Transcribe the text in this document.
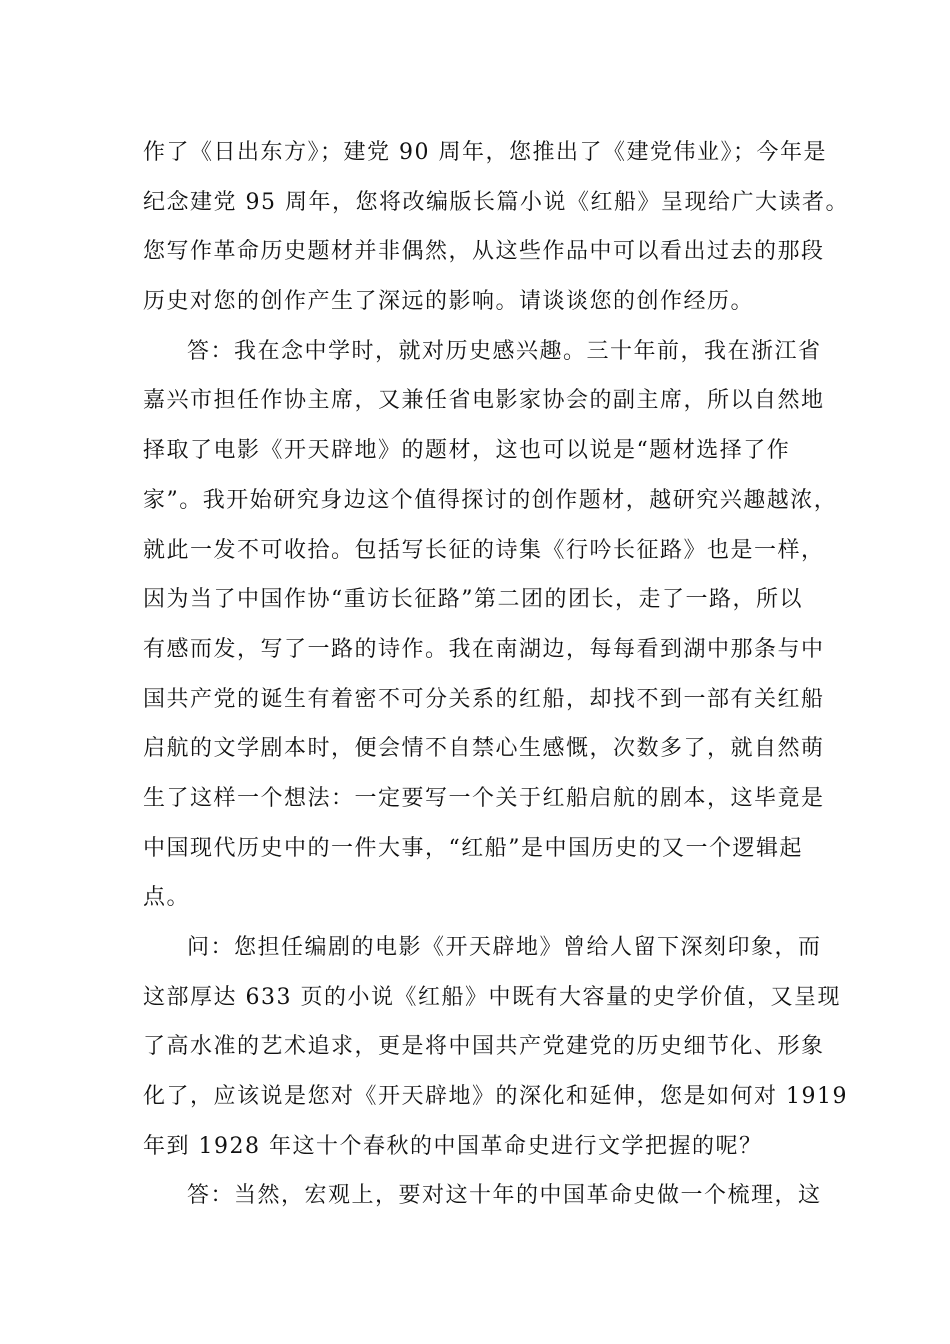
作了《日出东方》；建党 90 周年，您推出了《建党伟业》；今年是
纪念建党 95 周年，您将改编版长篇小说《红船》呈现给广大读者。
您写作革命历史题材并非偶然，从这些作品中可以看出过去的那段
历史对您的创作产生了深远的影响。请谈谈您的创作经历。
答：我在念中学时，就对历史感兴趣。三十年前，我在浙江省
嘉兴市担任作协主席，又兼任省电影家协会的副主席，所以自然地
择取了电影《开天辟地》的题材，这也可以说是“题材选择了作
家”。我开始研究身边这个值得探讨的创作题材，越研究兴趣越浓，
就此一发不可收拾。包括写长征的诗集《行吟长征路》也是一样，
因为当了中国作协“重访长征路”第二团的团长，走了一路，所以
有感而发，写了一路的诗作。我在南湖边，每每看到湖中那条与中
国共产党的诞生有着密不可分关系的红船，却找不到一部有关红船
启航的文学剧本时，便会情不自禁心生感慨，次数多了，就自然萌
生了这样一个想法：一定要写一个关于红船启航的剧本，这毕竟是
中国现代历史中的一件大事，“红船”是中国历史的又一个逻辑起
点。
问：您担任编剧的电影《开天辟地》曾给人留下深刻印象，而
这部厚达 633 页的小说《红船》中既有大容量的史学价值，又呈现
了高水准的艺术追求，更是将中国共产党建党的历史细节化、形象
化了，应该说是您对《开天辟地》的深化和延伸，您是如何对 1919
年到 1928 年这十个春秋的中国革命史进行文学把握的呢？
答：当然，宏观上，要对这十年的中国革命史做一个梳理，这
